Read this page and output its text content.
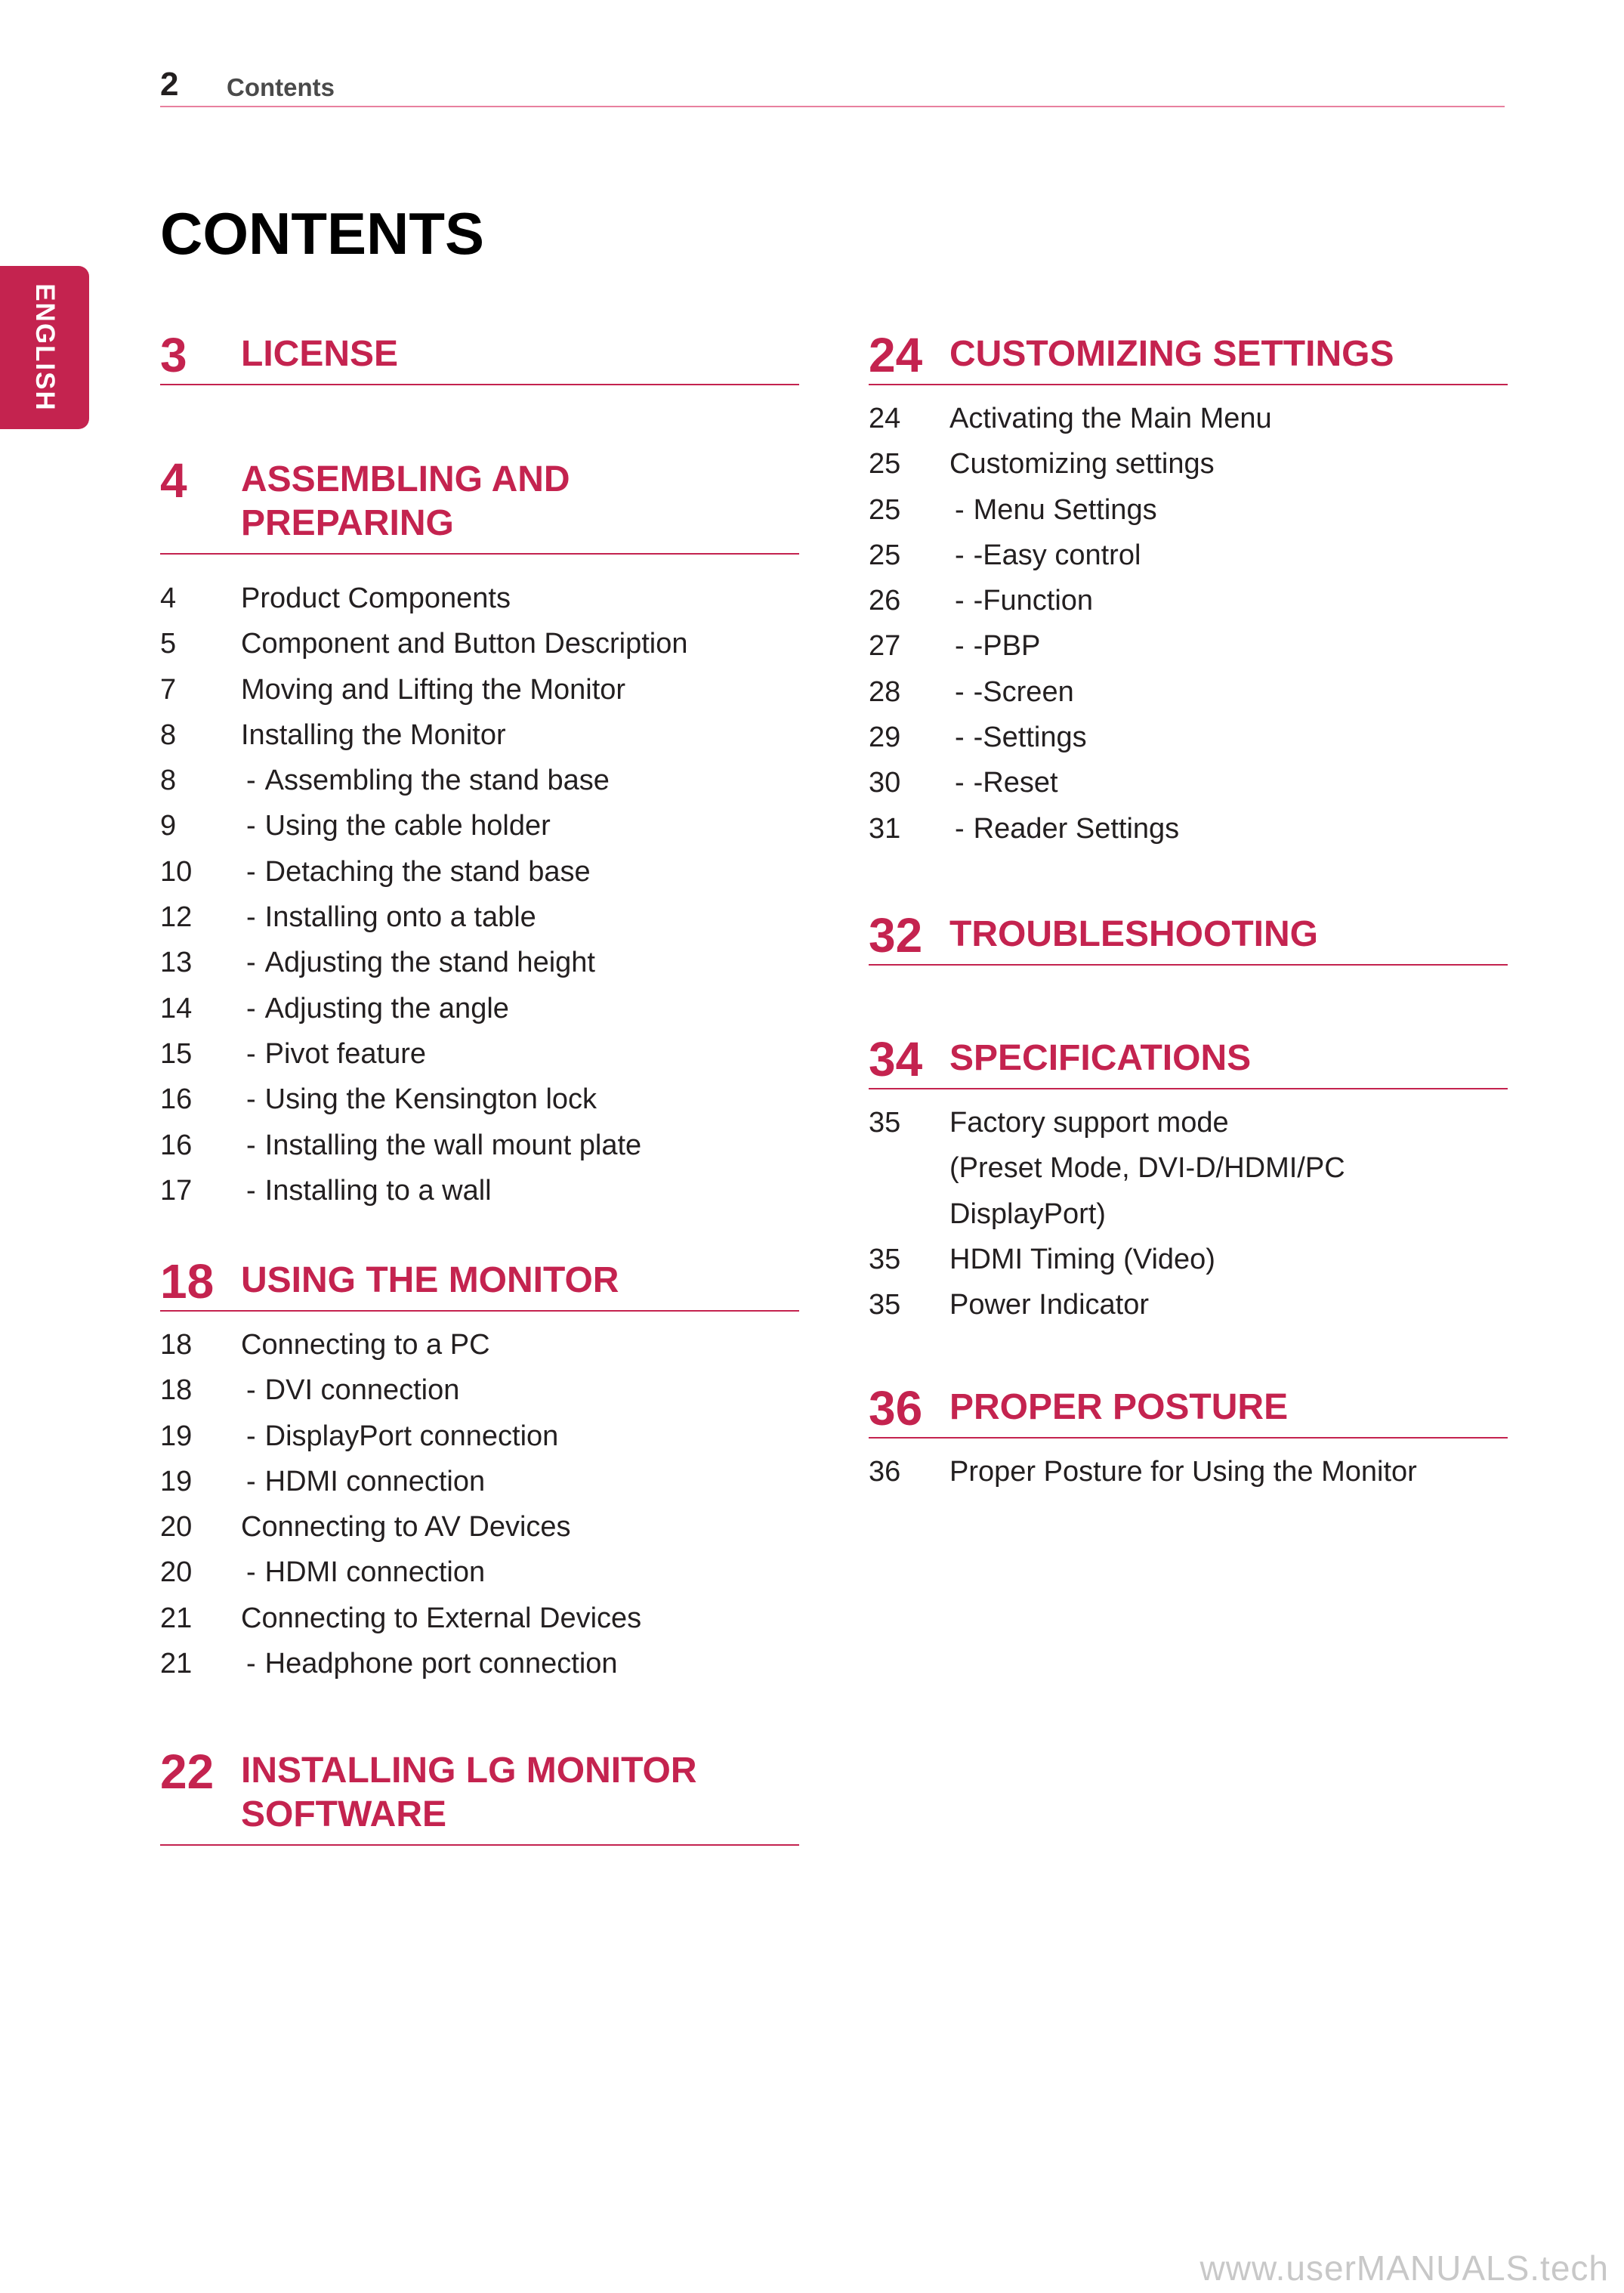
2 Contents
ENGLISH
CONTENTS
3 LICENSE
4 ASSEMBLING AND PREPARING
4 Product Components
5 Component and Button Description
7 Moving and Lifting the Monitor
8 Installing the Monitor
8 - Assembling the stand base
9 - Using the cable holder
10 - Detaching the stand base
12 - Installing onto a table
13 - Adjusting the stand height
14 - Adjusting the angle
15 - Pivot feature
16 - Using the Kensington lock
16 - Installing the wall mount plate
17 - Installing to a wall
18 USING THE MONITOR
18 Connecting to a PC
18 - DVI connection
19 - DisplayPort connection
19 - HDMI connection
20 Connecting to AV Devices
20 - HDMI connection
21 Connecting to External Devices
21 - Headphone port connection
22 INSTALLING LG MONITOR SOFTWARE
24 CUSTOMIZING SETTINGS
24 Activating the Main Menu
25 Customizing settings
25 - Menu Settings
25 - -Easy control
26 - -Function
27 - -PBP
28 - -Screen
29 - -Settings
30 - -Reset
31 - Reader Settings
32 TROUBLESHOOTING
34 SPECIFICATIONS
35 Factory support mode
(Preset Mode, DVI-D/HDMI/PC
DisplayPort)
35 HDMI Timing (Video)
35 Power Indicator
36 PROPER POSTURE
36 Proper Posture for Using the Monitor
www.userMANUALS.tech
